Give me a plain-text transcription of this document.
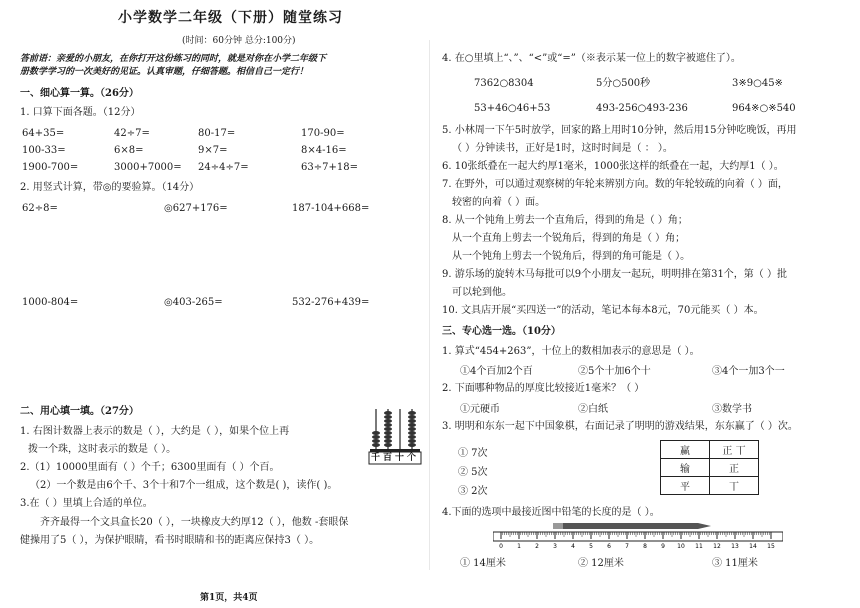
小学数学二年级（下册）随堂练习
(时间：60分钟 总分:100分)
答前语：亲爱的小朋友，在你打开这份练习的同时，就是对你在小学二年级下
册数学学习的一次美好的见证。认真审题，仔细答题。相信自己一定行！
一、细心算一算。（26分）
1. 口算下面各题。（12分）
64+35=	42÷7=	80-17=	170-90=
100-33=	6×8=	9×7=	8×4-16=
1900-700=	3000+7000= 24÷4÷7=	63÷7+18=
2. 用竖式计算，带◎的要验算。（14分）
62÷8=	◎627+176=	187-104+668=
1000-804=	◎403-265=	532-276+439=
二、用心填一填。（27分）
1. 右图计数器上表示的数是（ ），大约是（ ），如果个位上再
拨一个珠，这时表示的数是（ ）。
2.（1）10000里面有（ ）个千；6300里面有（ ）个百。
（2）一个数是由6个千、3个十和7个一组成，这个数是( )，读作( )。
3.在（ ）里填上合适的单位。
齐齐最得一个文具盒长20（ ），一块橡皮大约厚12（ ），他数 -套眼保
健操用了5（ ），为保护眼睛，看书时眼睛和书的距离应保持3（ ）。
千百十个
第1页，共4页
4. 在○里填上“、”、“<”或“=”（※表示某一位上的数字被遮住了）。
7362○8304	5分○500秒	3※9○45※
53+46○46+53	493-256○493-236	964※○※540
5. 小林周一下午5时放学，回家的路上用时10分钟，然后用15分钟吃晚饭，再用
（ ）分钟读书，正好是1时，这时时间是（ ： ）。
6. 10张纸叠在一起大约厚1毫米，1000张这样的纸叠在一起，大约厚1（ ）。
7. 在野外，可以通过观察树的年轮来辨别方向。数的年轮较疏的向着（ ）面，
较密的向着（ ）面。
8. 从一个钝角上剪去一个直角后，得到的角是（ ）角；
从一个直角上剪去一个锐角后，得到的角是（ ）角；
从一个钝角上剪去一个锐角后，得到的角可能是（ ）。
9. 游乐场的旋转木马每批可以9个小朋友一起玩，明明排在第31个，第（ ）批
可以轮到他。
10. 文具店开展“买四送一”的活动，笔记本每本8元，70元能买（ ）本。
三、专心选一选。（10分）
1. 算式“454+263”，十位上的数相加表示的意思是（ ）。
①4个百加2个百	②5个十加6个十	③4个一加3个一
2. 下面哪种物品的厚度比较接近1毫米？（ ）
①元硬币	②白纸	③数学书
3. 明明和东东一起下中国象棋，右面记录了明明的游戏结果，东东赢了（ ）次。
① 7次
② 5次
③ 2次
4.下面的选项中最接近图中铅笔的长度的是（ ）。
① 14厘米	② 12厘米	③ 11厘米
赢	正 丅
输	正
平	丅
0 1 2 3 4 5 6 7 8 9 10 11 12 13 14 15
